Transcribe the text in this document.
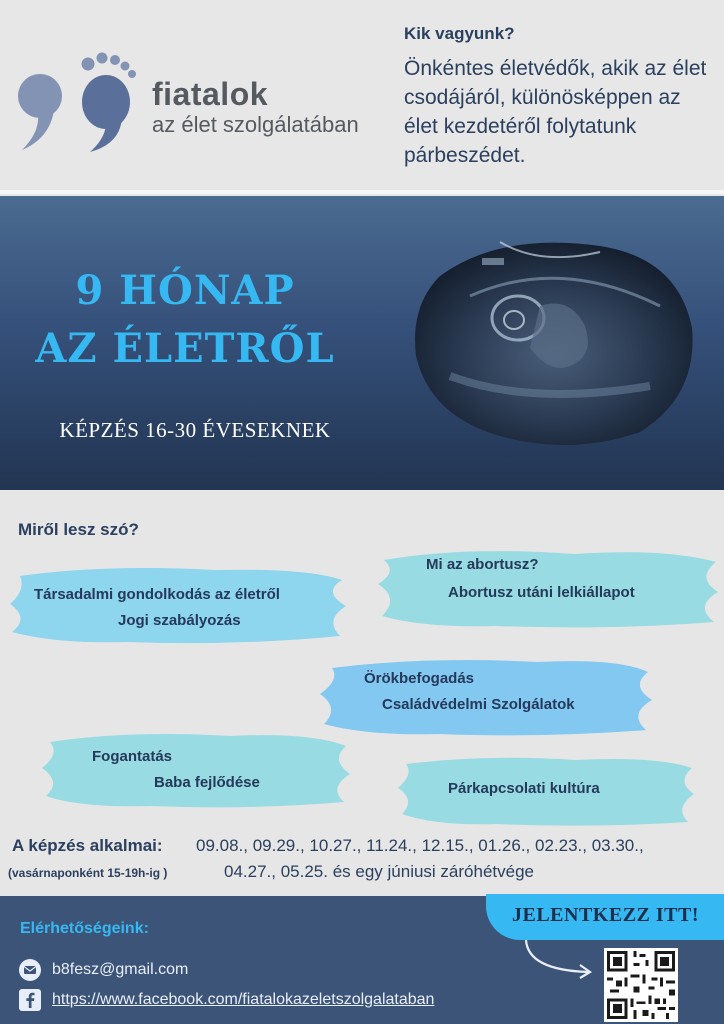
fiatalok
az élet szolgálatában
Kik vagyunk?
Önkéntes életvédők, akik az élet csodájáról, különösképpen az élet kezdetéről folytatunk párbeszédet.
9 HÓNAP
AZ ÉLETRŐL
KÉPZÉS 16-30 ÉVESEKNEK
Miről lesz szó?
Társadalmi gondolkodás az életről
Jogi szabályozás
Mi az abortusz?
Abortusz utáni lelkiállapot
Örökbefogadás
Családvédelmi Szolgálatok
Fogantatás
Baba fejlődése	Párkapcsolati kultúra
A képzés alkalmai:
(vasárnaponként 15-19h-ig )
09.08., 09.29., 10.27., 11.24., 12.15., 01.26., 02.23., 03.30.,
04.27., 05.25. és egy júniusi záróhétvége
Elérhetőségeink:
b8fesz@gmail.com
https://www.facebook.com/fiatalokazeletszolgalataban
JELENTKEZZ ITT!
